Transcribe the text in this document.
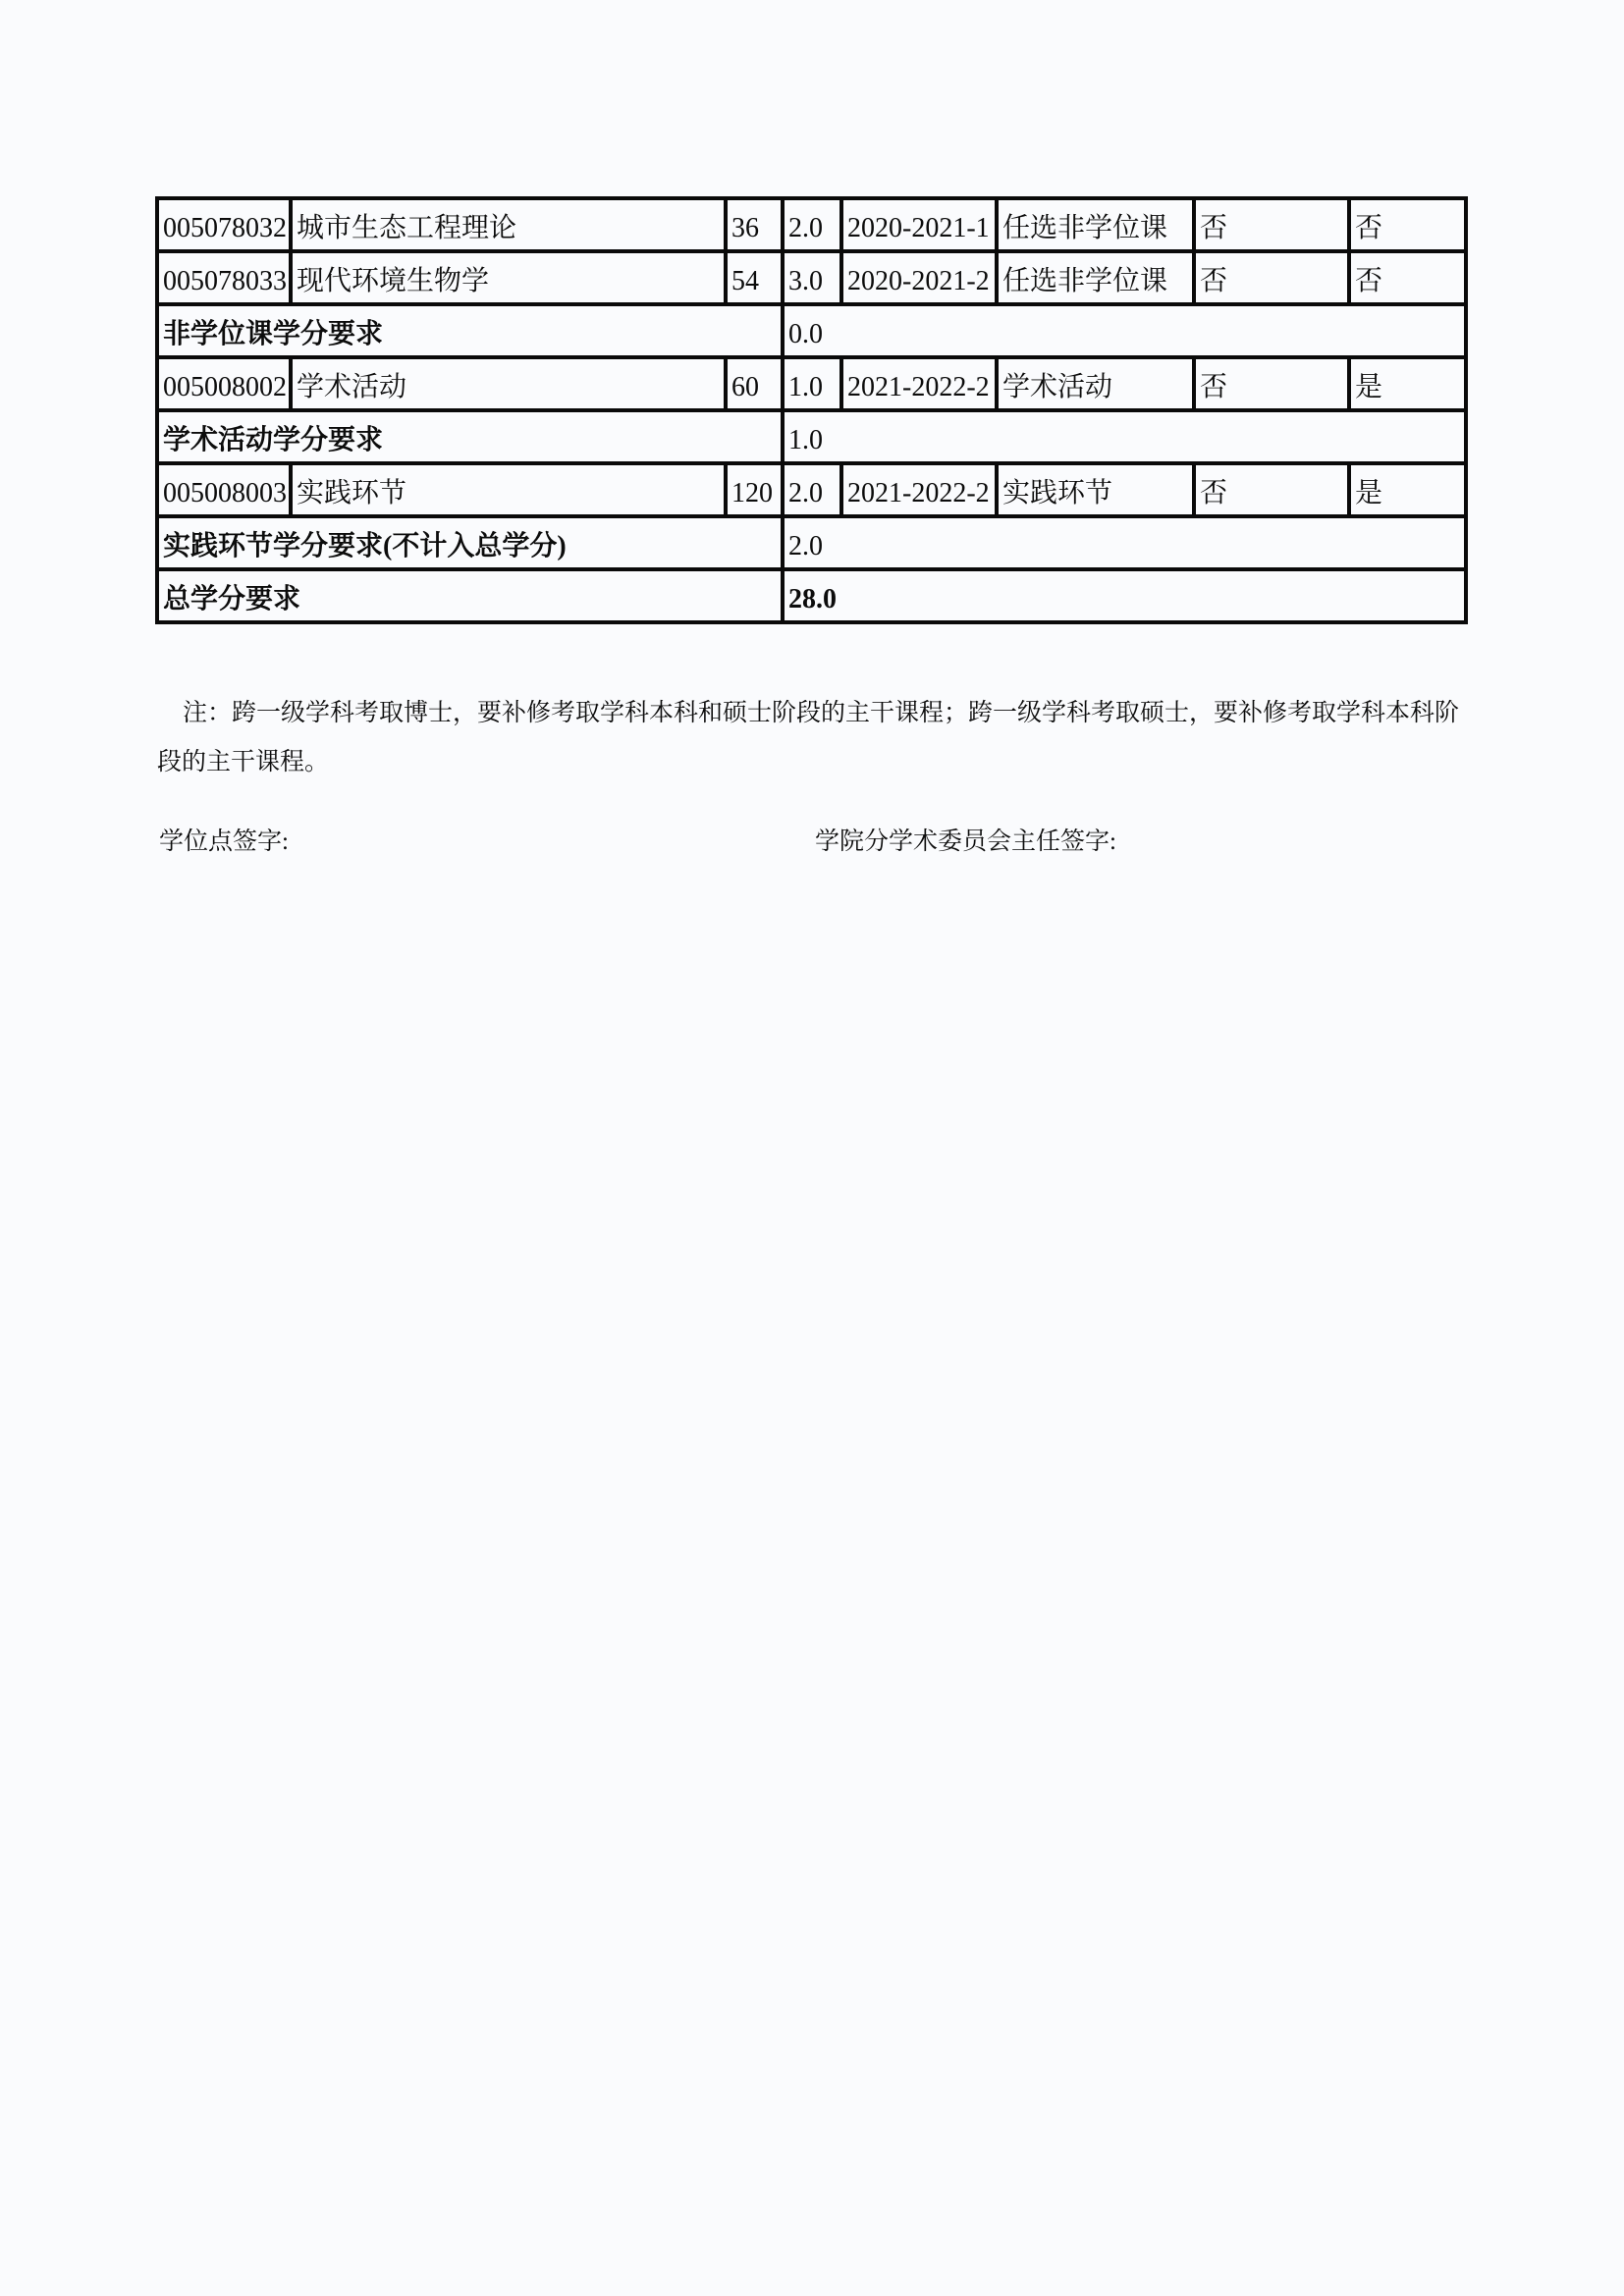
005078032	城市生态工程理论	36	2.0	2020-2021-1	任选非学位课	否	否
005078033	现代环境生物学	54	3.0	2020-2021-2	任选非学位课	否	否
非学位课学分要求			0.0				
005008002	学术活动	60	1.0	2021-2022-2	学术活动	否	是
学术活动学分要求			1.0				
005008003	实践环节	120	2.0	2021-2022-2	实践环节	否	是
实践环节学分要求(不计入总学分)			2.0				
总学分要求			28.0				
注：跨一级学科考取博士，要补修考取学科本科和硕士阶段的主干课程；跨一级学科考取硕士，要补修考取学科本科阶
段的主干课程。
学位点签字:	学院分学术委员会主任签字:
